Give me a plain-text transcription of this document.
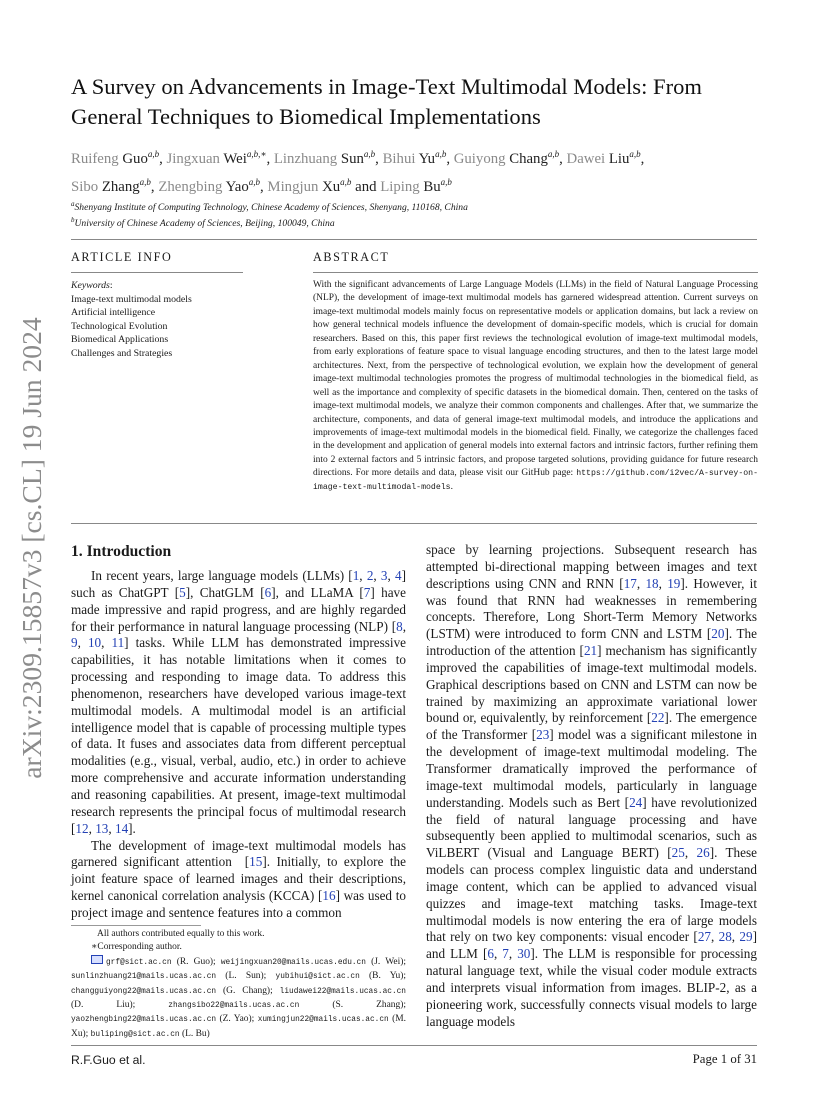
A Survey on Advancements in Image-Text Multimodal Models: From General Techniques to Biomedical Implementations
Ruifeng Guo$^{a,b}$, Jingxuan Wei$^{a,b,∗}$, Linzhuang Sun$^{a,b}$, Bihui Yu$^{a,b}$, Guiyong Chang$^{a,b}$, Dawei Liu$^{a,b}$,
Sibo Zhang$^{a,b}$, Zhengbing Yao$^{a,b}$, Mingjun Xu$^{a,b}$ and Liping Bu$^{a,b}$
$^a$Shenyang Institute of Computing Technology, Chinese Academy of Sciences, Shenyang, 110168, China
$^b$University of Chinese Academy of Sciences, Beijing, 100049, China
ARTICLE INFO
Keywords:
Image-text multimodal models
Artificial intelligence
Technological Evolution
Biomedical Applications
Challenges and Strategies
ABSTRACT
With the significant advancements of Large Language Models (LLMs) in the field of Natural Language Processing (NLP), the development of image-text multimodal models has garnered widespread attention. Current surveys on image-text multimodal models mainly focus on representative models or application domains, but lack a review on how general technical models influence the development of domain-specific models, which is crucial for domain researchers. Based on this, this paper first reviews the technological evolution of image-text multimodal models, from early explorations of feature space to visual language encoding structures, and then to the latest large model architectures. Next, from the perspective of technological evolution, we explain how the development of general image-text multimodal technologies promotes the progress of multimodal technologies in the biomedical field, as well as the importance and complexity of specific datasets in the biomedical domain. Then, centered on the tasks of image-text multimodal models, we analyze their common components and challenges. After that, we summarize the architecture, components, and data of general image-text multimodal models, and introduce the applications and improvements of image-text multimodal models in the biomedical field. Finally, we categorize the challenges faced in the development and application of general models into external factors and intrinsic factors, further refining them into 2 external factors and 5 intrinsic factors, and propose targeted solutions, providing guidance for future research directions. For more details and data, please visit our GitHub page: https://github.com/i2vec/A-survey-on-image-text-multimodal-models.
arXiv:2309.15857v3 [cs.CL] 19 Jun 2024 1. Introduction

In recent years, large language models (LLMs) [1, 2, 3, 4] such as ChatGPT [5], ChatGLM [6], and LLaMA [7] have made impressive and rapid progress, and are highly regarded for their performance in natural language processing (NLP) [8, 9, 10, 11] tasks. While LLM has demonstrated impressive capabilities, it has notable limitations when it comes to processing and responding to image data. To address this phenomenon, researchers have developed various image-text multimodal models. A multimodal model is an artificial intelligence model that is capable of processing multiple types of data. It fuses and associates data from different perceptual modalities (e.g., visual, verbal, audio, etc.) in order to achieve more comprehensive and accurate information understanding and reasoning capabilities. At present, image-text multimodal research represents the principal focus of multimodal research [12, 13, 14].

The development of image-text multimodal models has garnered significant attention  [15]. Initially, to explore the joint feature space of learned images and their descriptions, kernel canonical correlation analysis (KCCA) [16] was used to project image and sentence features into a common

space by learning projections. Subsequent research has attempted bi-directional mapping between images and text descriptions using CNN and RNN [17, 18, 19]. However, it was found that RNN had weaknesses in remembering concepts. Therefore, Long Short-Term Memory Networks (LSTM) were introduced to form CNN and LSTM [20]. The introduction of the attention [21] mechanism has significantly improved the capabilities of image-text multimodal models. Graphical descriptions based on CNN and LSTM can now be trained by maximizing an approximate variational lower bound or, equivalently, by reinforcement [22]. The emergence of the Transformer [23] model was a significant milestone in the development of image-text multimodal modeling. The Transformer dramatically improved the performance of image-text multimodal models, particularly in language understanding. Models such as Bert [24] have revolutionized the field of natural language processing and have subsequently been applied to multimodal scenarios, such as ViLBERT (Visual and Language BERT) [25, 26]. These models can process complex linguistic data and understand image content, which can be applied to advanced visual quizzes and image-text matching tasks. Image-text multimodal models is now entering the era of large models that rely on two key components: visual encoder [27, 28, 29] and LLM [6, 7, 30]. The LLM is responsible for processing natural language text, while the visual coder module extracts and interprets visual information from images. BLIP-2, as a pioneering work, successfully connects visual models to large language models

All authors contributed equally to this work.
∗Corresponding author.
grf@sict.ac.cn (R. Guo); weijingxuan20@mails.ucas.edu.cn (J. Wei); sunlinzhuang21@mails.ucas.ac.cn (L. Sun); yubihui@sict.ac.cn (B. Yu); changguiyong22@mails.ucas.ac.cn (G. Chang); liudawei22@mails.ucas.ac.cn (D. Liu); zhangsibo22@mails.ucas.ac.cn (S. Zhang); yaozhengbing22@mails.ucas.ac.cn (Z. Yao); xumingjun22@mails.ucas.ac.cn (M. Xu); buliping@sict.ac.cn (L. Bu)
R.F.Guo et al.	Page 1 of 31
